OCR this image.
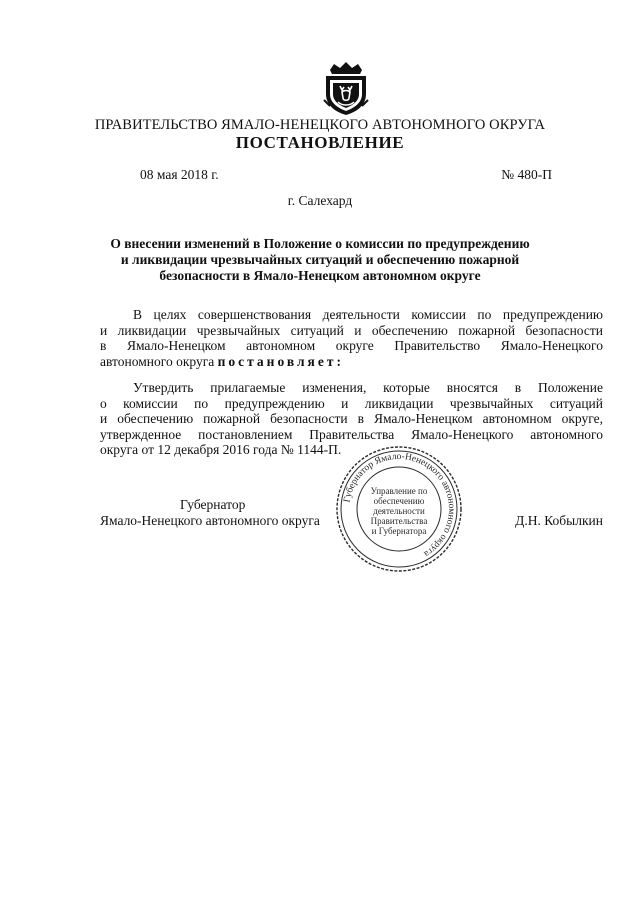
ПРАВИТЕЛЬСТВО ЯМАЛО-НЕНЕЦКОГО АВТОНОМНОГО ОКРУГА
ПОСТАНОВЛЕНИЕ
08 мая 2018 г.	№ 480-П
г. Салехард
О внесении изменений в Положение о комиссии по предупреждению
и ликвидации чрезвычайных ситуаций и обеспечению пожарной
безопасности в Ямало-Ненецком автономном округе
В целях совершенствования деятельности комиссии по предупреждению
и ликвидации чрезвычайных ситуаций и обеспечению пожарной безопасности
в Ямало-Ненецком автономном округе Правительство Ямало-Ненецкого
автономного округа постановляет:
Утвердить прилагаемые изменения, которые вносятся в Положение
о комиссии по предупреждению и ликвидации чрезвычайных ситуаций
и обеспечению пожарной безопасности в Ямало-Ненецком автономном округе,
утвержденное постановлением Правительства Ямало-Ненецкого автономного
округа от 12 декабря 2016 года № 1144-П.
Губернатор Ямало-Ненецкого автономного округа
Управление по
обеспечению
деятельности
Правительства
и Губернатора
Губернатор
Ямало-Ненецкого автономного округа	Д.Н. Кобылкин
